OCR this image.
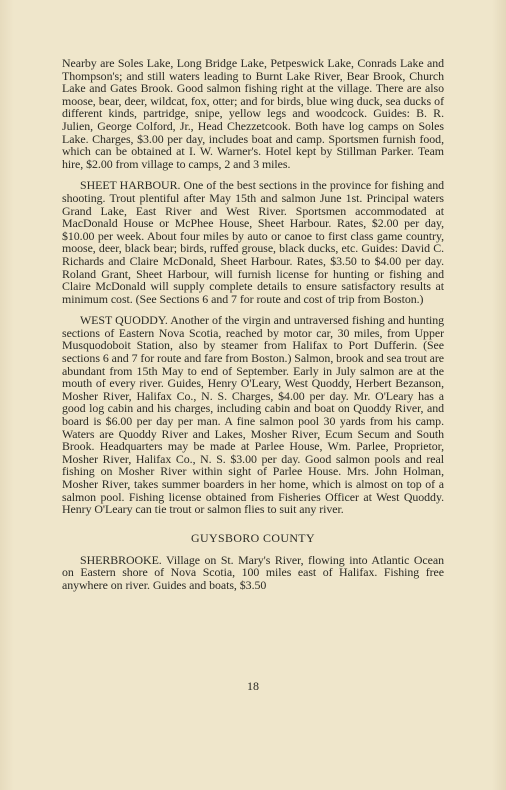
Nearby are Soles Lake, Long Bridge Lake, Petpeswick Lake, Conrads Lake and Thompson's; and still waters leading to Burnt Lake River, Bear Brook, Church Lake and Gates Brook. Good salmon fishing right at the village. There are also moose, bear, deer, wildcat, fox, otter; and for birds, blue wing duck, sea ducks of different kinds, partridge, snipe, yellow legs and woodcock. Guides: B. R. Julien, George Colford, Jr., Head Chezzetcook. Both have log camps on Soles Lake. Charges, $3.00 per day, includes boat and camp. Sportsmen furnish food, which can be obtained at I. W. Warner's. Hotel kept by Stillman Parker. Team hire, $2.00 from village to camps, 2 and 3 miles.

SHEET HARBOUR. One of the best sections in the province for fishing and shooting. Trout plentiful after May 15th and salmon June 1st. Principal waters Grand Lake, East River and West River. Sportsmen accommodated at MacDonald House or McPhee House, Sheet Harbour. Rates, $2.00 per day, $10.00 per week. About four miles by auto or canoe to first class game country, moose, deer, black bear; birds, ruffed grouse, black ducks, etc. Guides: David C. Richards and Claire McDonald, Sheet Harbour. Rates, $3.50 to $4.00 per day. Roland Grant, Sheet Harbour, will furnish license for hunting or fishing and Claire McDonald will supply complete details to ensure satisfactory results at minimum cost. (See Sections 6 and 7 for route and cost of trip from Boston.)

WEST QUODDY. Another of the virgin and untraversed fishing and hunting sections of Eastern Nova Scotia, reached by motor car, 30 miles, from Upper Musquodoboit Station, also by steamer from Halifax to Port Dufferin. (See sections 6 and 7 for route and fare from Boston.) Salmon, brook and sea trout are abundant from 15th May to end of September. Early in July salmon are at the mouth of every river. Guides, Henry O'Leary, West Quoddy, Herbert Bezanson, Mosher River, Halifax Co., N. S. Charges, $4.00 per day. Mr. O'Leary has a good log cabin and his charges, including cabin and boat on Quoddy River, and board is $6.00 per day per man. A fine salmon pool 30 yards from his camp. Waters are Quoddy River and Lakes, Mosher River, Ecum Secum and South Brook. Headquarters may be made at Parlee House, Wm. Parlee, Proprietor, Mosher River, Halifax Co., N. S. $3.00 per day. Good salmon pools and real fishing on Mosher River within sight of Parlee House. Mrs. John Holman, Mosher River, takes summer boarders in her home, which is almost on top of a salmon pool. Fishing license obtained from Fisheries Officer at West Quoddy. Henry O'Leary can tie trout or salmon flies to suit any river.

GUYSBORO COUNTY

SHERBROOKE. Village on St. Mary's River, flowing into Atlantic Ocean on Eastern shore of Nova Scotia, 100 miles east of Halifax. Fishing free anywhere on river. Guides and boats, $3.50

18
